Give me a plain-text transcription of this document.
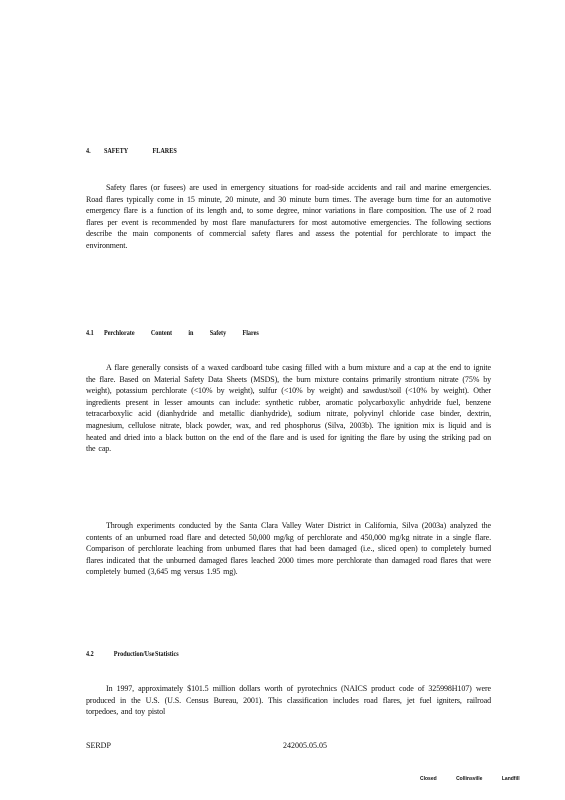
4. SAFETY FLARES
Safety flares (or fusees) are used in emergency situations for road-side accidents and rail and marine emergencies. Road flares typically come in 15 minute, 20 minute, and 30 minute burn times. The average burn time for an automotive emergency flare is a function of its length and, to some degree, minor variations in flare composition. The use of 2 road flares per event is recommended by most flare manufacturers for most automotive emergencies. The following sections describe the main components of commercial safety flares and assess the potential for perchlorate to impact the environment.
4.1 Perchlorate Content in Safety Flares
A flare generally consists of a waxed cardboard tube casing filled with a burn mixture and a cap at the end to ignite the flare. Based on Material Safety Data Sheets (MSDS), the burn mixture contains primarily strontium nitrate (75% by weight), potassium perchlorate (<10% by weight), sulfur (<10% by weight) and sawdust/soil (<10% by weight). Other ingredients present in lesser amounts can include: synthetic rubber, aromatic polycarboxylic anhydride fuel, benzene tetracarboxylic acid (dianhydride and metallic dianhydride), sodium nitrate, polyvinyl chloride case binder, dextrin, magnesium, cellulose nitrate, black powder, wax, and red phosphorus (Silva, 2003b). The ignition mix is liquid and is heated and dried into a black button on the end of the flare and is used for igniting the flare by using the striking pad on the cap.
Through experiments conducted by the Santa Clara Valley Water District in California, Silva (2003a) analyzed the contents of an unburned road flare and detected 50,000 mg/kg of perchlorate and 450,000 mg/kg nitrate in a single flare. Comparison of perchlorate leaching from unburned flares that had been damaged (i.e., sliced open) to completely burned flares indicated that the unburned damaged flares leached 2000 times more perchlorate than damaged road flares that were completely burned (3,645 mg versus 1.95 mg).
4.2	Production/Use Statistics
In 1997, approximately $101.5 million dollars worth of pyrotechnics (NAICS product code of 325998H107) were produced in the U.S. (U.S. Census Bureau, 2001). This classification includes road flares, jet fuel igniters, railroad torpedoes, and toy pistol
SERDP	242005.05.05
Closed	Collinsville	Landfill
